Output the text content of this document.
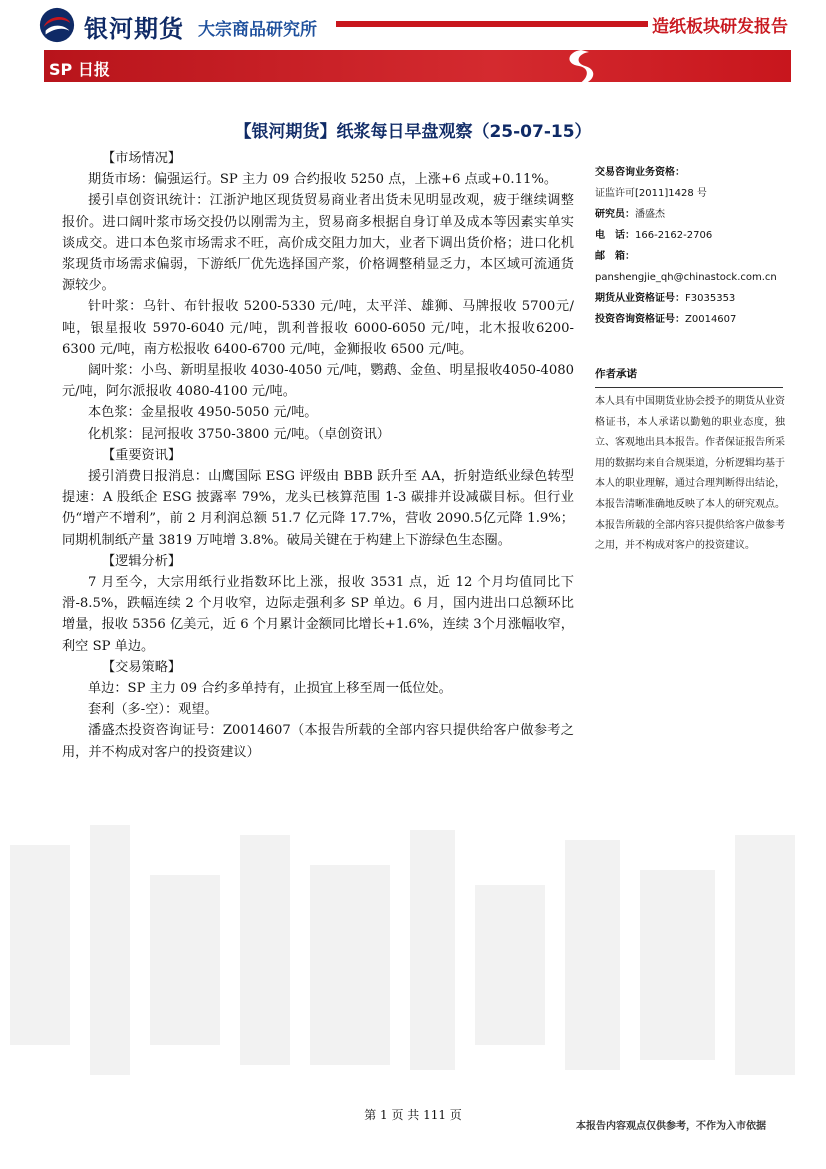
银河期货 大宗商品研究所	造纸板块研发报告
SP 日报
【银河期货】纸浆每日早盘观察（25-07-15）

【市场情况】

期货市场：偏强运行。SP 主力 09 合约报收 5250 点，上涨+6 点或+0.11%。

援引卓创资讯统计：江浙沪地区现货贸易商业者出货未见明显改观，疲于继续调整报价。进口阔叶浆市场交投仍以刚需为主，贸易商多根据自身订单及成本等因素实单实谈成交。进口本色浆市场需求不旺，高价成交阻力加大，业者下调出货价格；进口化机浆现货市场需求偏弱，下游纸厂优先选择国产浆，价格调整稍显乏力，本区域可流通货源较少。

针叶浆：乌针、布针报收 5200-5330 元/吨，太平洋、雄狮、马牌报收 5700元/吨，银星报收 5970-6040 元/吨，凯利普报收 6000-6050 元/吨，北木报收6200-6300 元/吨，南方松报收 6400-6700 元/吨，金狮报收 6500 元/吨。

阔叶浆：小鸟、新明星报收 4030-4050 元/吨，鹦鹉、金鱼、明星报收4050-4080 元/吨，阿尔派报收 4080-4100 元/吨。

本色浆：金星报收 4950-5050 元/吨。

化机浆：昆河报收 3750-3800 元/吨。（卓创资讯）

【重要资讯】

援引消费日报消息：山鹰国际 ESG 评级由 BBB 跃升至 AA，折射造纸业绿色转型提速：A 股纸企 ESG 披露率 79%，龙头已核算范围 1-3 碳排并设减碳目标。但行业仍“增产不增利”，前 2 月利润总额 51.7 亿元降 17.7%，营收 2090.5亿元降 1.9%；同期机制纸产量 3819 万吨增 3.8%。破局关键在于构建上下游绿色生态圈。

【逻辑分析】

7 月至今，大宗用纸行业指数环比上涨，报收 3531 点，近 12 个月均值同比下滑-8.5%，跌幅连续 2 个月收窄，边际走强利多 SP 单边。6 月，国内进出口总额环比增量，报收 5356 亿美元，近 6 个月累计金额同比增长+1.6%，连续 3个月涨幅收窄，利空 SP 单边。

【交易策略】

单边：SP 主力 09 合约多单持有，止损宜上移至周一低位处。

套利（多-空）：观望。

潘盛杰投资咨询证号：Z0014607（本报告所载的全部内容只提供给客户做参考之用，并不构成对客户的投资建议）

交易咨询业务资格：
证监许可[2011]1428 号
研究员：潘盛杰
电　话：166-2162-2706
邮　箱：
panshengjie_qh@chinastock.com.cn
期货从业资格证号：F3035353
投资咨询资格证号：Z0014607
作者承诺
本人具有中国期货业协会授予的期货从业资格证书，本人承诺以勤勉的职业态度，独立、客观地出具本报告。作者保证报告所采用的数据均来自合规渠道，分析逻辑均基于本人的职业理解，通过合理判断得出结论，本报告清晰准确地反映了本人的研究观点。本报告所载的全部内容只提供给客户做参考之用，并不构成对客户的投资建议。
第 1 页 共 111 页
本报告内容观点仅供参考，不作为入市依据
